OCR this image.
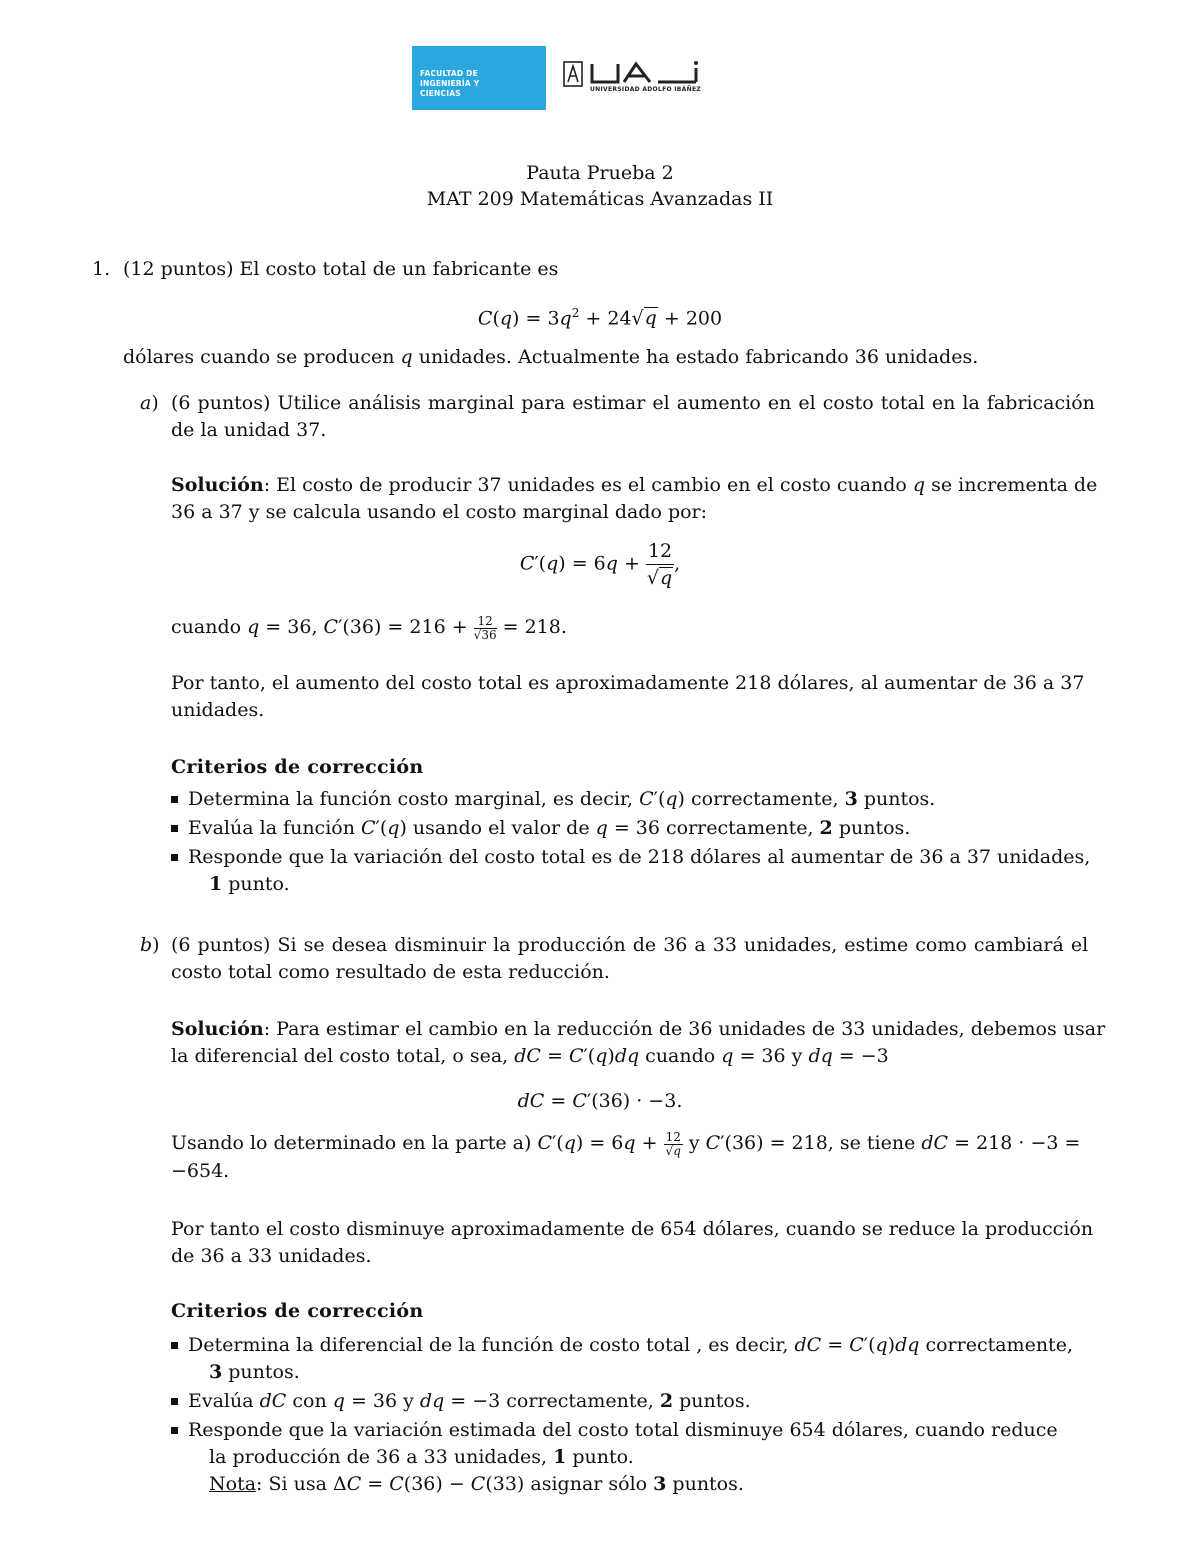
FACULTAD DE INGENIERÍA Y CIENCIAS	UNIVERSIDAD ADOLFO IBÁÑEZ
Pauta Prueba 2
MAT 209 Matemáticas Avanzadas II
1. (12 puntos) El costo total de un fabricante es
$C(q) = 3q^2 + 24√q + 200$
dólares cuando se producen q unidades. Actualmente ha estado fabricando 36 unidades.
a) (6 puntos) Utilice análisis marginal para estimar el aumento en el costo total en la fabricación
de la unidad 37.
Solución: El costo de producir 37 unidades es el cambio en el costo cuando q se incrementa de
36 a 37 y se calcula usando el costo marginal dado por:
$C'(q) = 6q + \frac{12}{√q}$ ,
cuando q = 36, $C'(36) = 216 + \frac{12}{√36} = 218$.
Por tanto, el aumento del costo total es aproximadamente 218 dólares, al aumentar de 36 a 37
unidades.
Criterios de corrección
Determina la función costo marginal, es decir, C′(q) correctamente, 3 puntos.
Evalúa la función C′(q) usando el valor de q = 36 correctamente, 2 puntos.
Responde que la variación del costo total es de 218 dólares al aumentar de 36 a 37 unidades,
1 punto.
b) (6 puntos) Si se desea disminuir la producción de 36 a 33 unidades, estime como cambiará el
costo total como resultado de esta reducción.
Solución: Para estimar el cambio en la reducción de 36 unidades de 33 unidades, debemos usar
la diferencial del costo total, o sea, dC = C′(q)dq cuando q = 36 y dq = −3
dC = C′(36) · −3.
Usando lo determinado en la parte a) $C'(q) = 6q + \frac{12}{√q}$ y C′(36) = 218, se tiene dC = 218 · −3 =
−654.
Por tanto el costo disminuye aproximadamente de 654 dólares, cuando se reduce la producción
de 36 a 33 unidades.
Criterios de corrección
Determina la diferencial de la función de costo total , es decir, dC = C′(q)dq correctamente,
3 puntos.
Evalúa dC con q = 36 y dq = −3 correctamente, 2 puntos.
Responde que la variación estimada del costo total disminuye 654 dólares, cuando reduce
la producción de 36 a 33 unidades, 1 punto.
Nota: Si usa ΔC = C(36) − C(33) asignar sólo 3 puntos.
